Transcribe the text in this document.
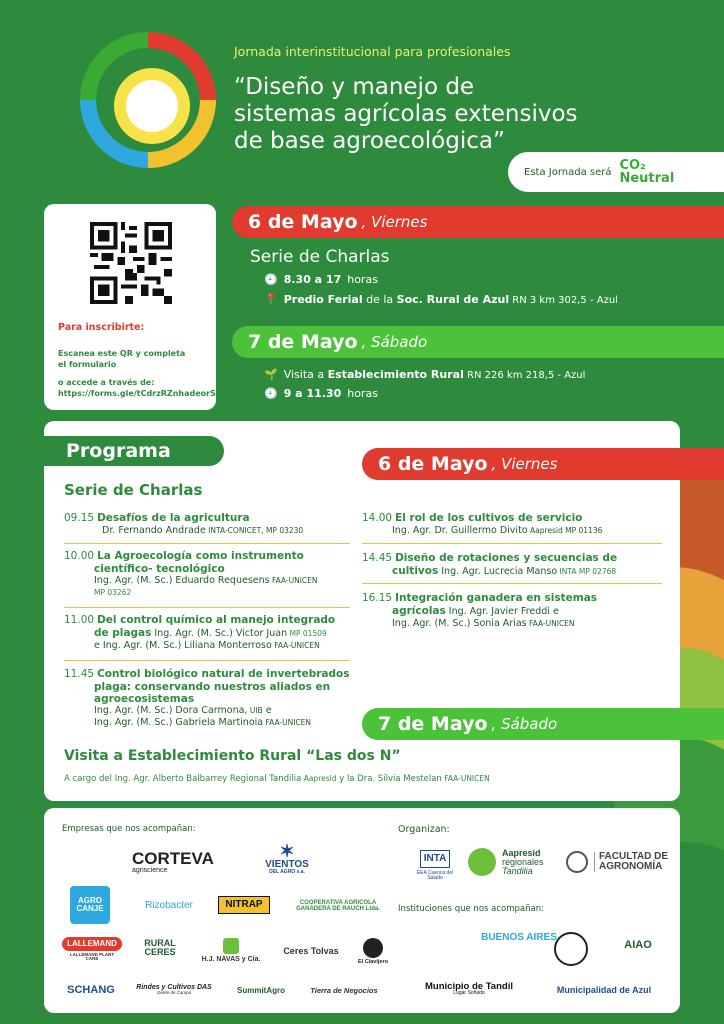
Jornada interinstitucional para profesionales
“Diseño y manejo de
sistemas agrícolas extensivos
de base agroecológica”
Esta Jornada será CO₂
Neutral
Para inscribirte:
Escanea este QR y completa el formulario
o accede a través de:
https://forms.gle/tCdrzRZnhadeorSr6
6 de Mayo , Viernes
Serie de Charlas
🕘 8.30 a 17 horas
📍 Predio Ferial de la Soc. Rural de Azul RN 3 km 302,5 - Azul
7 de Mayo , Sábado
🌱 Visita a Establecimiento Rural RN 226 km 218,5 - Azul
🕘 9 a 11.30 horas
Programa
6 de Mayo , Viernes
Serie de Charlas
09.15 Desafíos de la agricultura
Dr. Fernando Andrade INTA-CONICET, MP 03230
10.00 La Agroecología como instrumento
científico- tecnológico
Ing. Agr. (M. Sc.) Eduardo Requesens FAA-UNICEN
MP 03262
11.00 Del control químico al manejo integrado
de plagas Ing. Agr. (M. Sc.) Victor Juan MP 01509
e Ing. Agr. (M. Sc.) Liliana Monterroso FAA-UNICEN
11.45 Control biológico natural de invertebrados
plaga: conservando nuestros aliados en
agroecosistemas
Ing. Agr. (M. Sc.) Dora Carmona, UIB e
Ing. Agr. (M. Sc.) Gabriela Martinoia FAA-UNICEN
14.00 El rol de los cultivos de servicio
Ing. Agr. Dr. Guillermo Divito Aapresid MP 01136
14.45 Diseño de rotaciones y secuencias de
cultivos Ing. Agr. Lucrecia Manso INTA MP 02768
16.15 Integración ganadera en sistemas
agrícolas Ing. Agr. Javier Freddi e
Ing. Agr. (M. Sc.) Sonia Arias FAA-UNICEN
7 de Mayo , Sábado
Visita a Establecimiento Rural “Las dos N”
A cargo del Ing. Agr. Alberto Balbarrey Regional Tandilia Aapresid y la Dra. Silvia Mestelan FAA-UNICEN
Empresas que nos acompañan:	Organizan:
Instituciones que nos acompañan:
CORTEVA
agriscience
✶
VIENTOS
DEL AGRO s.a.
INTA
EEA Cuenca del Salado
Aapresid
regionales
Tandilia
FACULTAD DE
AGRONOMÍA
AGRO CANJE	Rizobacter	NITRAP	COOPERATIVA AGRICOLA GANADERA DE RAUCH Ltda.
LALLEMAND
LALLEMAND PLANT CARE
RURAL CERES
H.J. NAVAS y Cía.
Ceres Tolvas
El Clavijero
SCHANG	Rindes y Cultivos DAS
Gente de Campo	SummitAgro	Tierra de Negocios
BUENOS AIRES
AIAO
Municipio de Tandil
Lugar Soñado	Municipalidad de Azul
